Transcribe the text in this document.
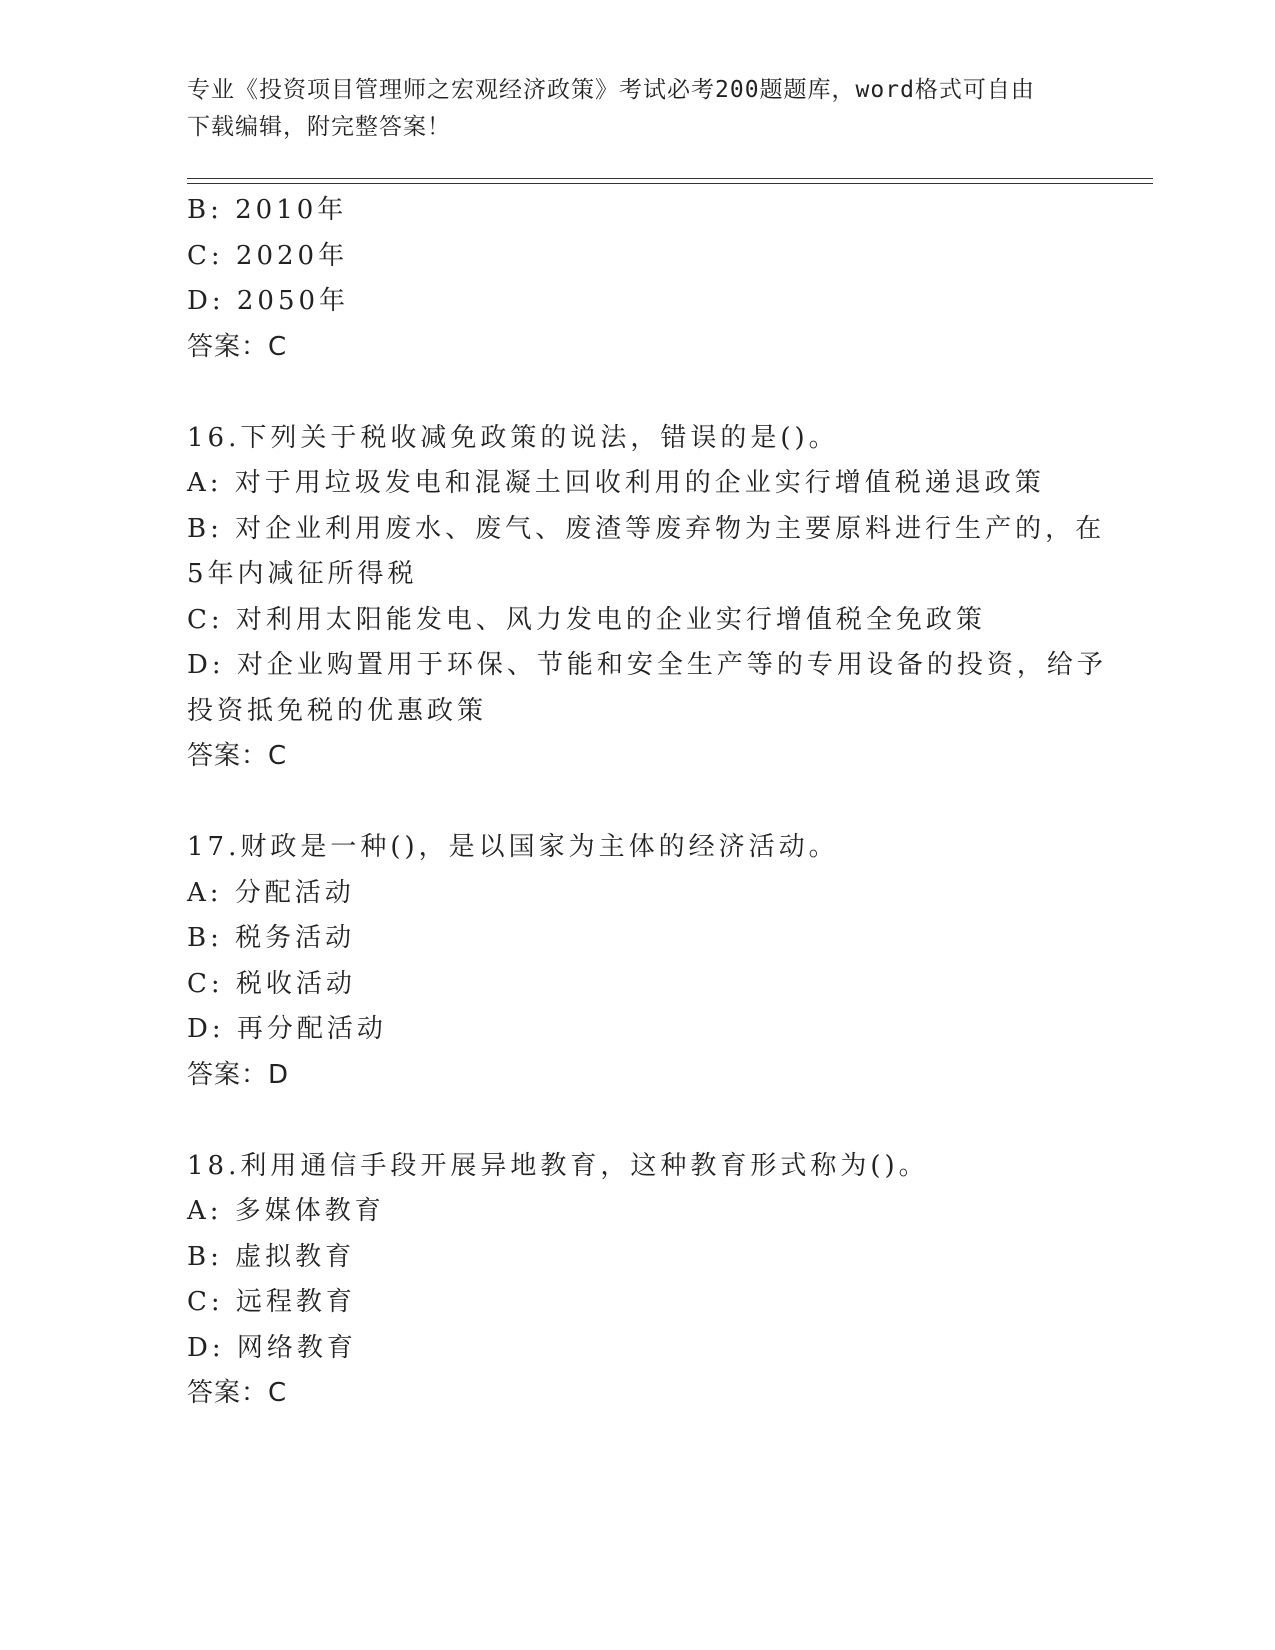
专业《投资项目管理师之宏观经济政策》考试必考200题题库，word格式可自由
下载编辑，附完整答案！
B: 2010年
C: 2020年
D: 2050年
答案：C
16.下列关于税收减免政策的说法，错误的是()。
A: 对于用垃圾发电和混凝土回收利用的企业实行增值税递退政策
B: 对企业利用废水、废气、废渣等废弃物为主要原料进行生产的，在
5年内减征所得税
C: 对利用太阳能发电、风力发电的企业实行增值税全免政策
D: 对企业购置用于环保、节能和安全生产等的专用设备的投资，给予
投资抵免税的优惠政策
答案：C
17.财政是一种()，是以国家为主体的经济活动。
A: 分配活动
B: 税务活动
C: 税收活动
D: 再分配活动
答案：D
18.利用通信手段开展异地教育，这种教育形式称为()。
A: 多媒体教育
B: 虚拟教育
C: 远程教育
D: 网络教育
答案：C
